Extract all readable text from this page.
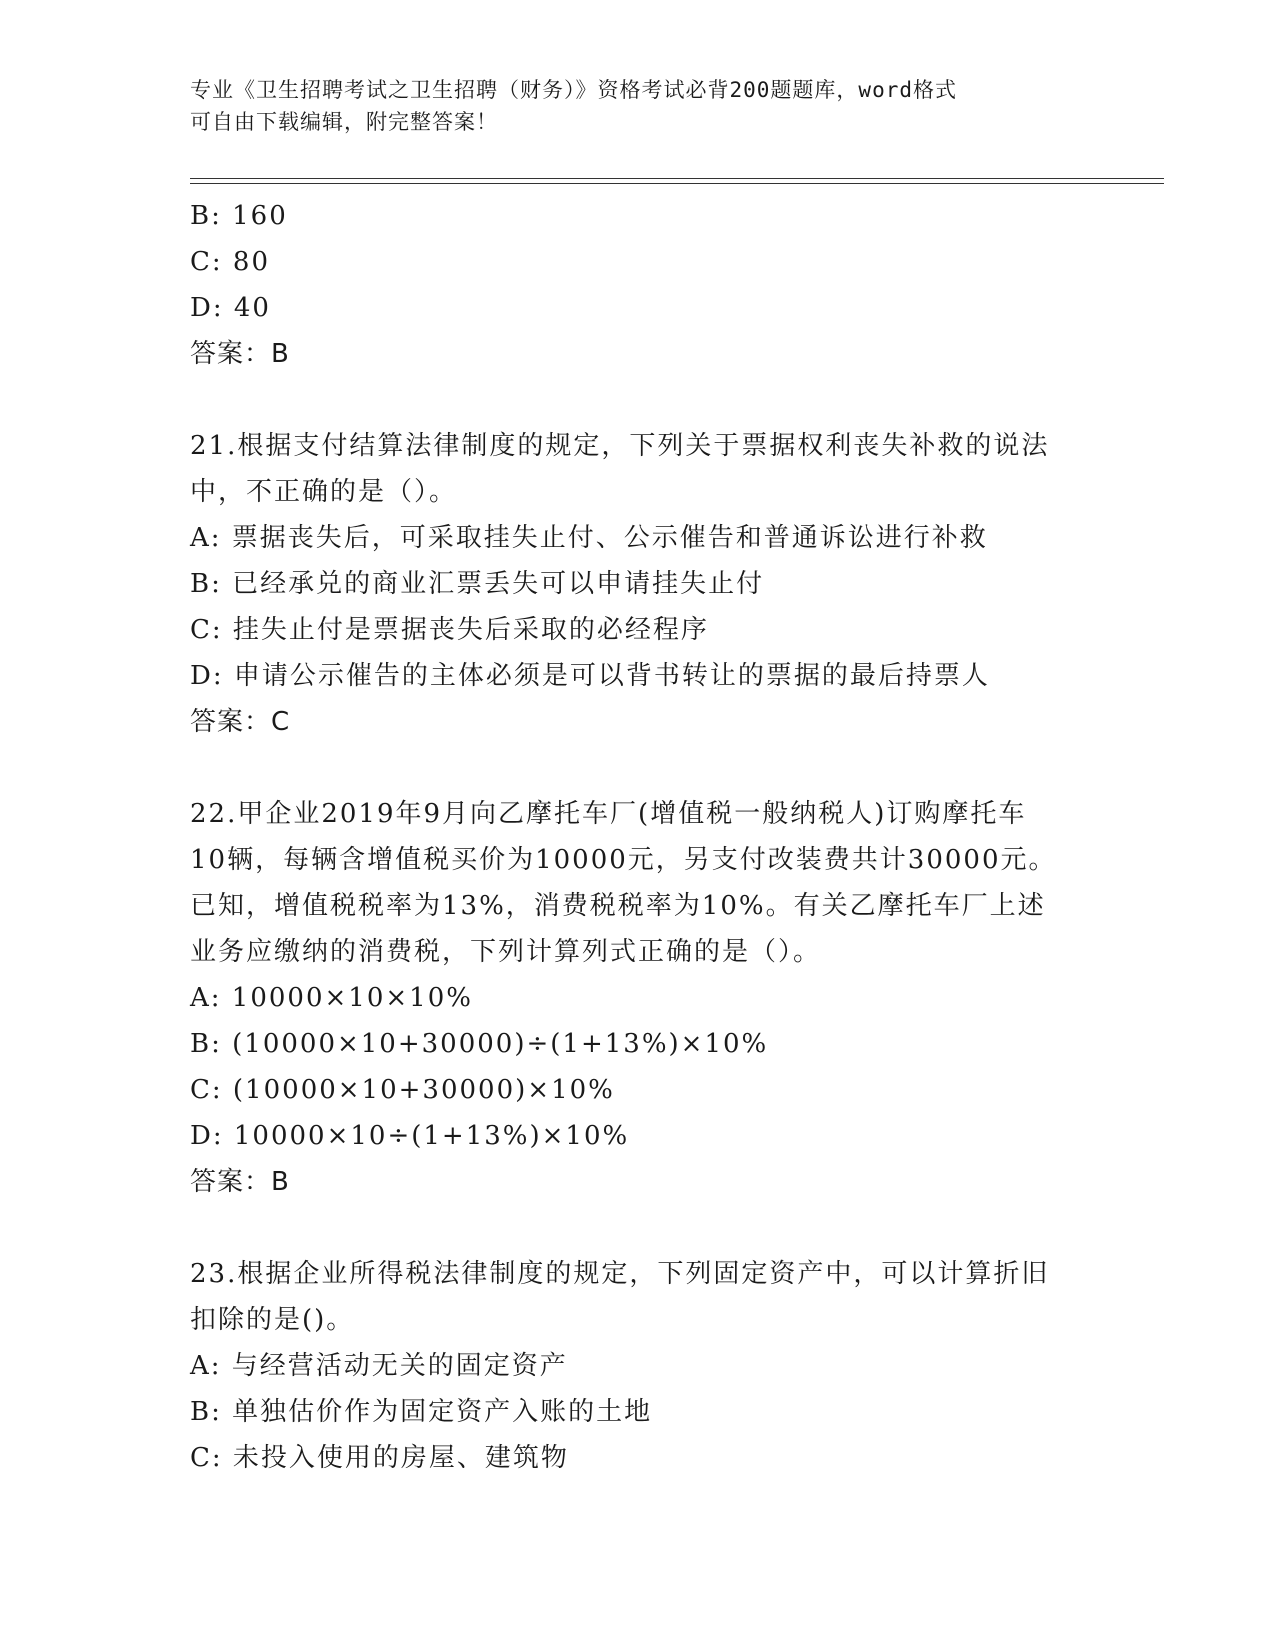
专业《卫生招聘考试之卫生招聘（财务）》资格考试必背200题题库，word格式
可自由下载编辑，附完整答案！
B: 160
C: 80
D: 40
答案：B
21.根据支付结算法律制度的规定，下列关于票据权利丧失补救的说法
中，不正确的是（）。
A: 票据丧失后，可采取挂失止付、公示催告和普通诉讼进行补救
B: 已经承兑的商业汇票丢失可以申请挂失止付
C: 挂失止付是票据丧失后采取的必经程序
D: 申请公示催告的主体必须是可以背书转让的票据的最后持票人
答案：C
22.甲企业2019年9月向乙摩托车厂(增值税一般纳税人)订购摩托车
10辆，每辆含增值税买价为10000元，另支付改装费共计30000元。
已知，增值税税率为13%，消费税税率为10%。有关乙摩托车厂上述
业务应缴纳的消费税，下列计算列式正确的是（）。
A: 10000×10×10%
B: (10000×10+30000)÷(1+13%)×10%
C: (10000×10+30000)×10%
D: 10000×10÷(1+13%)×10%
答案：B
23.根据企业所得税法律制度的规定，下列固定资产中，可以计算折旧
扣除的是()。
A: 与经营活动无关的固定资产
B: 单独估价作为固定资产入账的土地
C: 未投入使用的房屋、建筑物
